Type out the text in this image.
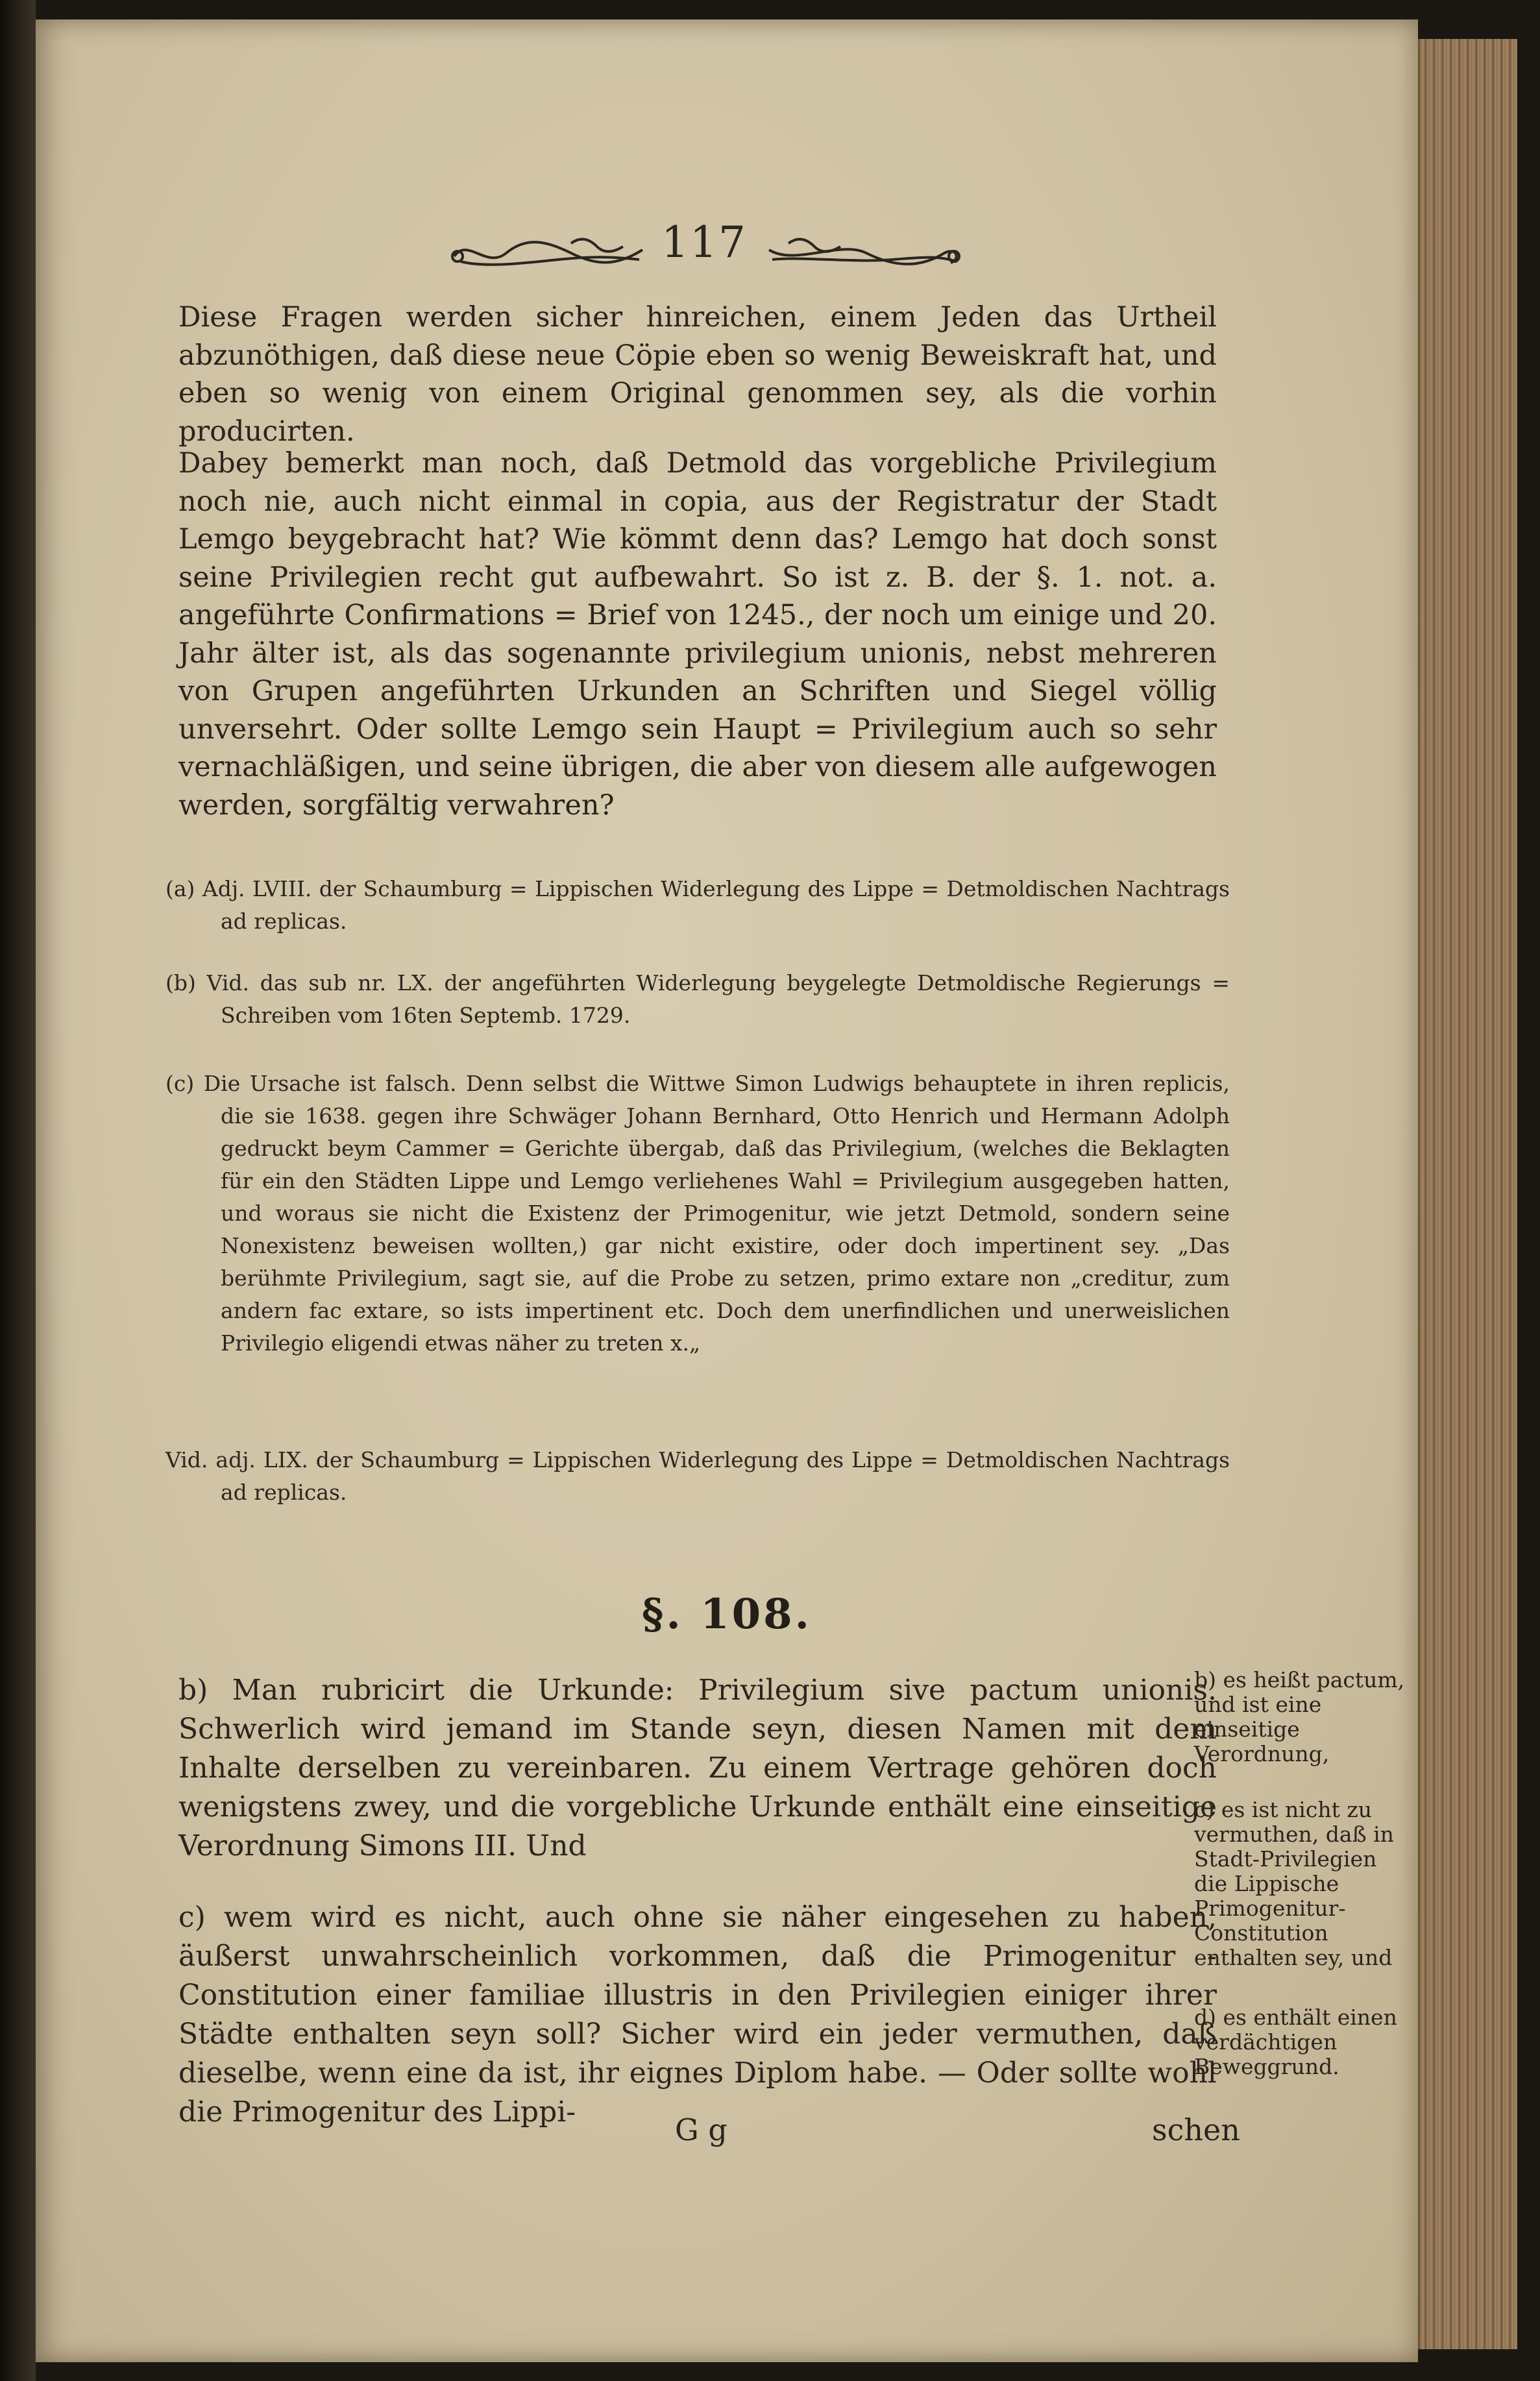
117

Diese Fragen werden sicher hinreichen, einem Jeden das Urtheil abzunöthigen, daß diese neue Cöpie eben so wenig Beweiskraft hat, und eben so wenig von einem Original genommen sey, als die vorhin producirten.

Dabey bemerkt man noch, daß Detmold das vorgebliche Privilegium noch nie, auch nicht einmal in copia, aus der Registratur der Stadt Lemgo beygebracht hat? Wie kömmt denn das? Lemgo hat doch sonst seine Privilegien recht gut aufbewahrt. So ist z. B. der §. 1. not. a. angeführte Confirmations = Brief von 1245., der noch um einige und 20. Jahr älter ist, als das sogenannte privilegium unionis, nebst mehreren von Grupen angeführten Urkunden an Schriften und Siegel völlig unversehrt. Oder sollte Lemgo sein Haupt = Privilegium auch so sehr vernachläßigen, und seine übrigen, die aber von diesem alle aufgewogen werden, sorgfältig verwahren?

(a) Adj. LVIII. der Schaumburg = Lippischen Widerlegung des Lippe = Detmoldischen Nachtrags ad replicas.

(b) Vid. das sub nr. LX. der angeführten Widerlegung beygelegte Detmoldische Regierungs = Schreiben vom 16ten Septemb. 1729.

(c) Die Ursache ist falsch. Denn selbst die Wittwe Simon Ludwigs behauptete in ihren replicis, die sie 1638. gegen ihre Schwäger Johann Bernhard, Otto Henrich und Hermann Adolph gedruckt beym Cammer = Gerichte übergab, daß das Privilegium, (welches die Beklagten für ein den Städten Lippe und Lemgo verliehenes Wahl = Privilegium ausgegeben hatten, und woraus sie nicht die Existenz der Primogenitur, wie jetzt Detmold, sondern seine Nonexistenz beweisen wollten,) gar nicht existire, oder doch impertinent sey. „Das berühmte Privilegium, sagt sie, auf die Probe zu setzen, primo extare non „creditur, zum andern fac extare, so ists impertinent etc. Doch dem unerfindlichen und unerweislichen Privilegio eligendi etwas näher zu treten x.„

Vid. adj. LIX. der Schaumburg = Lippischen Widerlegung des Lippe = Detmoldischen Nachtrags ad replicas.

§. 108.

b) Man rubricirt die Urkunde: Privilegium sive pactum unionis. Schwerlich wird jemand im Stande seyn, diesen Namen mit dem Inhalte derselben zu vereinbaren. Zu einem Vertrage gehören doch wenigstens zwey, und die vorgebliche Urkunde enthält eine einseitige Verordnung Simons III. Und

c) wem wird es nicht, auch ohne sie näher eingesehen zu haben, äußerst unwahrscheinlich vorkommen, daß die Primogenitur - Constitution einer familiae illustris in den Privilegien einiger ihrer Städte enthalten seyn soll? Sicher wird ein jeder vermuthen, daß dieselbe, wenn eine da ist, ihr eignes Diplom habe. — Oder sollte wohl die Primogenitur des Lippi-

b) es heißt pactum, und ist eine einseitige Verordnung,

c) es ist nicht zu vermuthen, daß in Stadt-Privilegien die Lippische Primogenitur-Constitution enthalten sey, und

d) es enthält einen verdächtigen Beweggrund.

G g	schen
